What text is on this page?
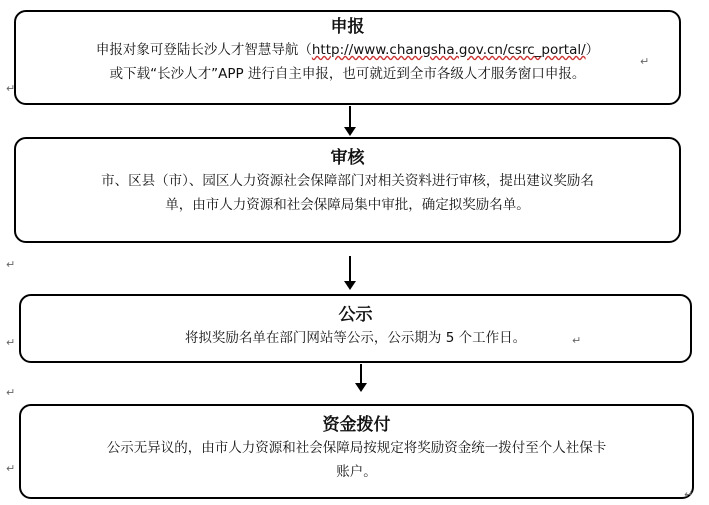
申报
申报对象可登陆长沙人才智慧导航（http://www.changsha.gov.cn/csrc_portal/）
或下载“长沙人才”APP 进行自主申报，也可就近到全市各级人才服务窗口申报。
审核
市、区县（市）、园区人力资源社会保障部门对相关资料进行审核，提出建议奖励名
单，由市人力资源和社会保障局集中审批，确定拟奖励名单。
公示
将拟奖励名单在部门网站等公示，公示期为 5 个工作日。
资金拨付
公示无异议的，由市人力资源和社会保障局按规定将奖励资金统一拨付至个人社保卡
账户。
↵
↵
↵
↵	↵
↵
↵
↵
